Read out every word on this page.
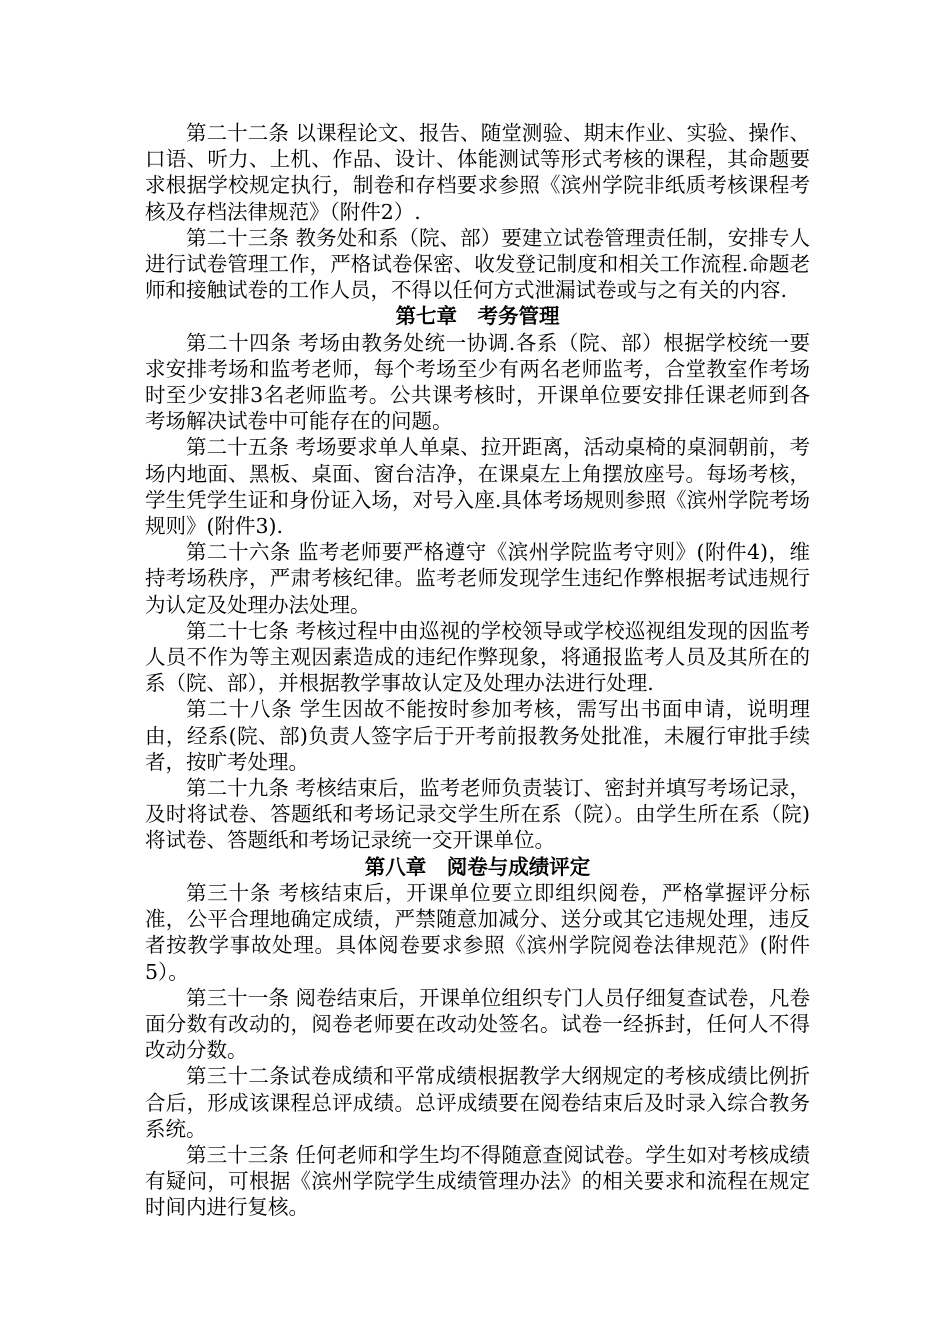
第二十二条 以课程论文、报告、随堂测验、期末作业、实验、操作、口语、听力、上机、作品、设计、体能测试等形式考核的课程，其命题要求根据学校规定执行，制卷和存档要求参照《滨州学院非纸质考核课程考核及存档法律规范》（附件2）.

第二十三条 教务处和系（院、部）要建立试卷管理责任制，安排专人进行试卷管理工作，严格试卷保密、收发登记制度和相关工作流程.命题老师和接触试卷的工作人员，不得以任何方式泄漏试卷或与之有关的内容.

第七章　考务管理

第二十四条 考场由教务处统一协调.各系（院、部）根据学校统一要求安排考场和监考老师，每个考场至少有两名老师监考，合堂教室作考场时至少安排3名老师监考。公共课考核时，开课单位要安排任课老师到各考场解决试卷中可能存在的问题。

第二十五条 考场要求单人单桌、拉开距离，活动桌椅的桌洞朝前，考场内地面、黑板、桌面、窗台洁净，在课桌左上角摆放座号。每场考核，学生凭学生证和身份证入场，对号入座.具体考场规则参照《滨州学院考场规则》(附件3).

第二十六条 监考老师要严格遵守《滨州学院监考守则》(附件4)，维持考场秩序，严肃考核纪律。监考老师发现学生违纪作弊根据考试违规行为认定及处理办法处理。

第二十七条 考核过程中由巡视的学校领导或学校巡视组发现的因监考人员不作为等主观因素造成的违纪作弊现象，将通报监考人员及其所在的系（院、部），并根据教学事故认定及处理办法进行处理.

第二十八条 学生因故不能按时参加考核，需写出书面申请，说明理由，经系(院、部)负责人签字后于开考前报教务处批准，未履行审批手续者，按旷考处理。

第二十九条 考核结束后，监考老师负责装订、密封并填写考场记录，及时将试卷、答题纸和考场记录交学生所在系（院）。由学生所在系（院)将试卷、答题纸和考场记录统一交开课单位。

第八章　阅卷与成绩评定

第三十条 考核结束后，开课单位要立即组织阅卷，严格掌握评分标准，公平合理地确定成绩，严禁随意加减分、送分或其它违规处理，违反者按教学事故处理。具体阅卷要求参照《滨州学院阅卷法律规范》(附件5）。

第三十一条 阅卷结束后，开课单位组织专门人员仔细复查试卷，凡卷面分数有改动的，阅卷老师要在改动处签名。试卷一经拆封，任何人不得改动分数。

第三十二条试卷成绩和平常成绩根据教学大纲规定的考核成绩比例折合后，形成该课程总评成绩。总评成绩要在阅卷结束后及时录入综合教务系统。

第三十三条 任何老师和学生均不得随意查阅试卷。学生如对考核成绩有疑问，可根据《滨州学院学生成绩管理办法》的相关要求和流程在规定时间内进行复核。
